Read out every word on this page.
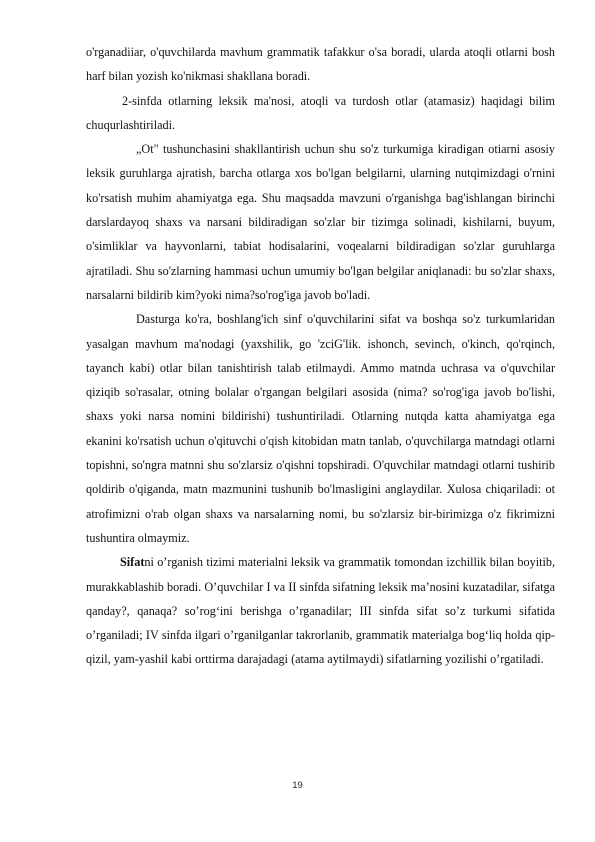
o'rganadiiar, o'quvchilarda mavhum grammatik tafakkur o'sa boradi, ularda atoqli otlarni bosh harf bilan yozish ko'nikmasi shakllana boradi.

2-sinfda otlarning leksik ma'nosi, atoqli va turdosh otlar (atamasiz) haqidagi bilim chuqurlashtiriladi.

„Ot" tushunchasini shakllantirish uchun shu so'z turkumiga kiradigan otiarni asosiy leksik guruhlarga ajratish, barcha otlarga xos bo'lgan belgilarni, ularning nutqimizdagi o'rnini ko'rsatish muhim ahamiyatga ega. Shu maqsadda mavzuni o'rganishga bag'ishlangan birinchi darslardayoq shaxs va narsani bildiradigan so'zlar bir tizimga solinadi, kishilarni, buyum, o'simliklar va hayvonlarni, tabiat hodisalarini, voqealarni bildiradigan so'zlar guruhlarga ajratiladi. Shu so'zlarning hammasi uchun umumiy bo'lgan belgilar aniqlanadi: bu so'zlar shaxs, narsalarni bildirib kim?yoki nima?so'rog'iga javob bo'ladi.

Dasturga ko'ra, boshlang'ich sinf o'quvchilarini sifat va boshqa so'z turkumlaridan yasalgan mavhum ma'nodagi (yaxshilik, go 'zciG'lik. ishonch, sevinch, o'kinch, qo'rqinch, tayanch kabi) otlar bilan tanishtirish talab etilmaydi. Ammo matnda uchrasa va o'quvchilar qiziqib so'rasalar, otning bolalar o'rgangan belgilari asosida (nima? so'rog'iga javob bo'lishi, shaxs yoki narsa nomini bildirishi) tushuntiriladi. Otlarning nutqda katta ahamiyatga ega ekanini ko'rsatish uchun o'qituvchi o'qish kitobidan matn tanlab, o'quvchilarga matndagi otlarni topishni, so'ngra matnni shu so'zlarsiz o'qishni topshiradi. O'quvchilar matndagi otlarni tushirib qoldirib o'qiganda, matn mazmunini tushunib bo'lmasligini anglaydilar. Xulosa chiqariladi: ot atrofimizni o'rab olgan shaxs va narsalarning nomi, bu so'zlarsiz bir-birimizga o'z fikrimizni tushuntira olmaymiz.

Sifatni o’rganish tizimi materialni leksik va grammatik tomondan izchillik bilan boyitib, murakkablashib boradi. O’quvchilar I va II sinfda sifatning leksik ma’nosini kuzatadilar, sifatga qanday?, qanaqa? so’rog‘ini berishga o’rganadilar; III sinfda sifat so’z turkumi sifatida o’rganiladi; IV sinfda ilgari o’rganilganlar takrorlanib, grammatik materialga bog‘liq holda qip-qizil, yam-yashil kabi orttirma darajadagi (atama aytilmaydi) sifatlarning yozilishi o’rgatiladi.

19
